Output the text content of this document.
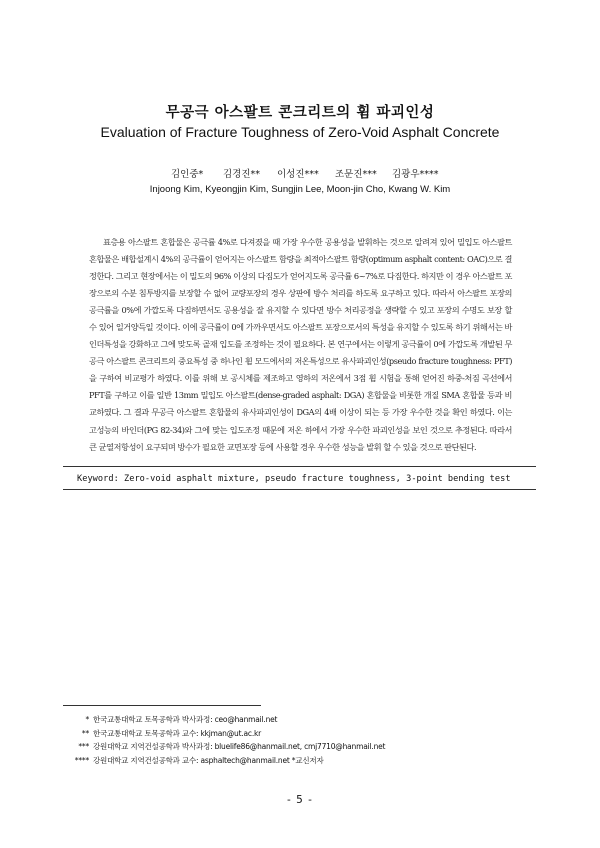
무공극 아스팔트 콘크리트의 휨 파괴인성
Evaluation of Fracture Toughness of Zero-Void Asphalt Concrete
김인중* 김경진** 이성진*** 조문진*** 김광우****
Injoong Kim, Kyeongjin Kim, Sungjin Lee, Moon-jin Cho, Kwang W. Kim
표층용 아스팔트 혼합물은 공극률 4%로 다져졌을 때 가장 우수한 공용성을 발휘하는 것으로 알려져 있어 밀입도 아스팔트 혼합물은 배합설계시 4%의 공극률이 얻어지는 아스팔트 함량을 최적아스팔트 함량(optimum asphalt content: OAC)으로 결정한다. 그리고 현장에서는 이 밀도의 96% 이상의 다짐도가 얻어지도록 공극률 6~7%로 다짐한다. 하지만 이 경우 아스팔트 포장으로의 수분 침투방지를 보장할 수 없어 교량포장의 경우 상판에 방수 처리를 하도록 요구하고 있다. 따라서 아스팔트 포장의 공극률을 0%에 가깝도록 다짐하면서도 공용성을 잘 유지할 수 있다면 방수 처리공정을 생략할 수 있고 포장의 수명도 보장 할 수 있어 일거양득일 것이다. 이에 공극률이 0에 가까우면서도 아스팔트 포장으로서의 특성을 유지할 수 있도록 하기 위해서는 바인더특성을 강화하고 그에 맞도록 골재 입도를 조정하는 것이 필요하다. 본 연구에서는 이렇게 공극률이 0에 가깝도록 개발된 무공극 아스팔트 콘크리트의 중요특성 중 하나인 휨 모드에서의 저온특성으로 유사파괴인성(pseudo fracture toughness: PFT)을 구하여 비교평가 하였다. 이를 위해 보 공시체를 제조하고 영하의 저온에서 3점 휨 시험을 통해 얻어진 하중-처짐 곡선에서 PFT를 구하고 이를 일반 13mm 밀입도 아스팔트(dense-graded asphalt: DGA) 혼합물을 비롯한 개질 SMA 혼합물 등과 비교하였다. 그 결과 무공극 아스팔트 혼합물의 유사파괴인성이 DGA의 4배 이상이 되는 등 가장 우수한 것을 확인 하였다. 이는 고성능의 바인더(PG 82-34)와 그에 맞는 입도조정 때문에 저온 하에서 가장 우수한 파괴인성을 보인 것으로 추정된다. 따라서 큰 균열저항성이 요구되며 방수가 필요한 교면포장 등에 사용할 경우 우수한 성능을 발휘 할 수 있을 것으로 판단된다.
Keyword: Zero-void asphalt mixture, pseudo fracture toughness, 3-point bending test
* 한국교통대학교 토목공학과 박사과정: ceo@hanmail.net
** 한국교통대학교 토목공학과 교수: kkjman@ut.ac.kr
*** 강원대학교 지역건설공학과 박사과정: bluelife86@hanmail.net, cmj7710@hanmail.net
**** 강원대학교 지역건설공학과 교수: asphaltech@hanmail.net *교신저자
- 5 -
